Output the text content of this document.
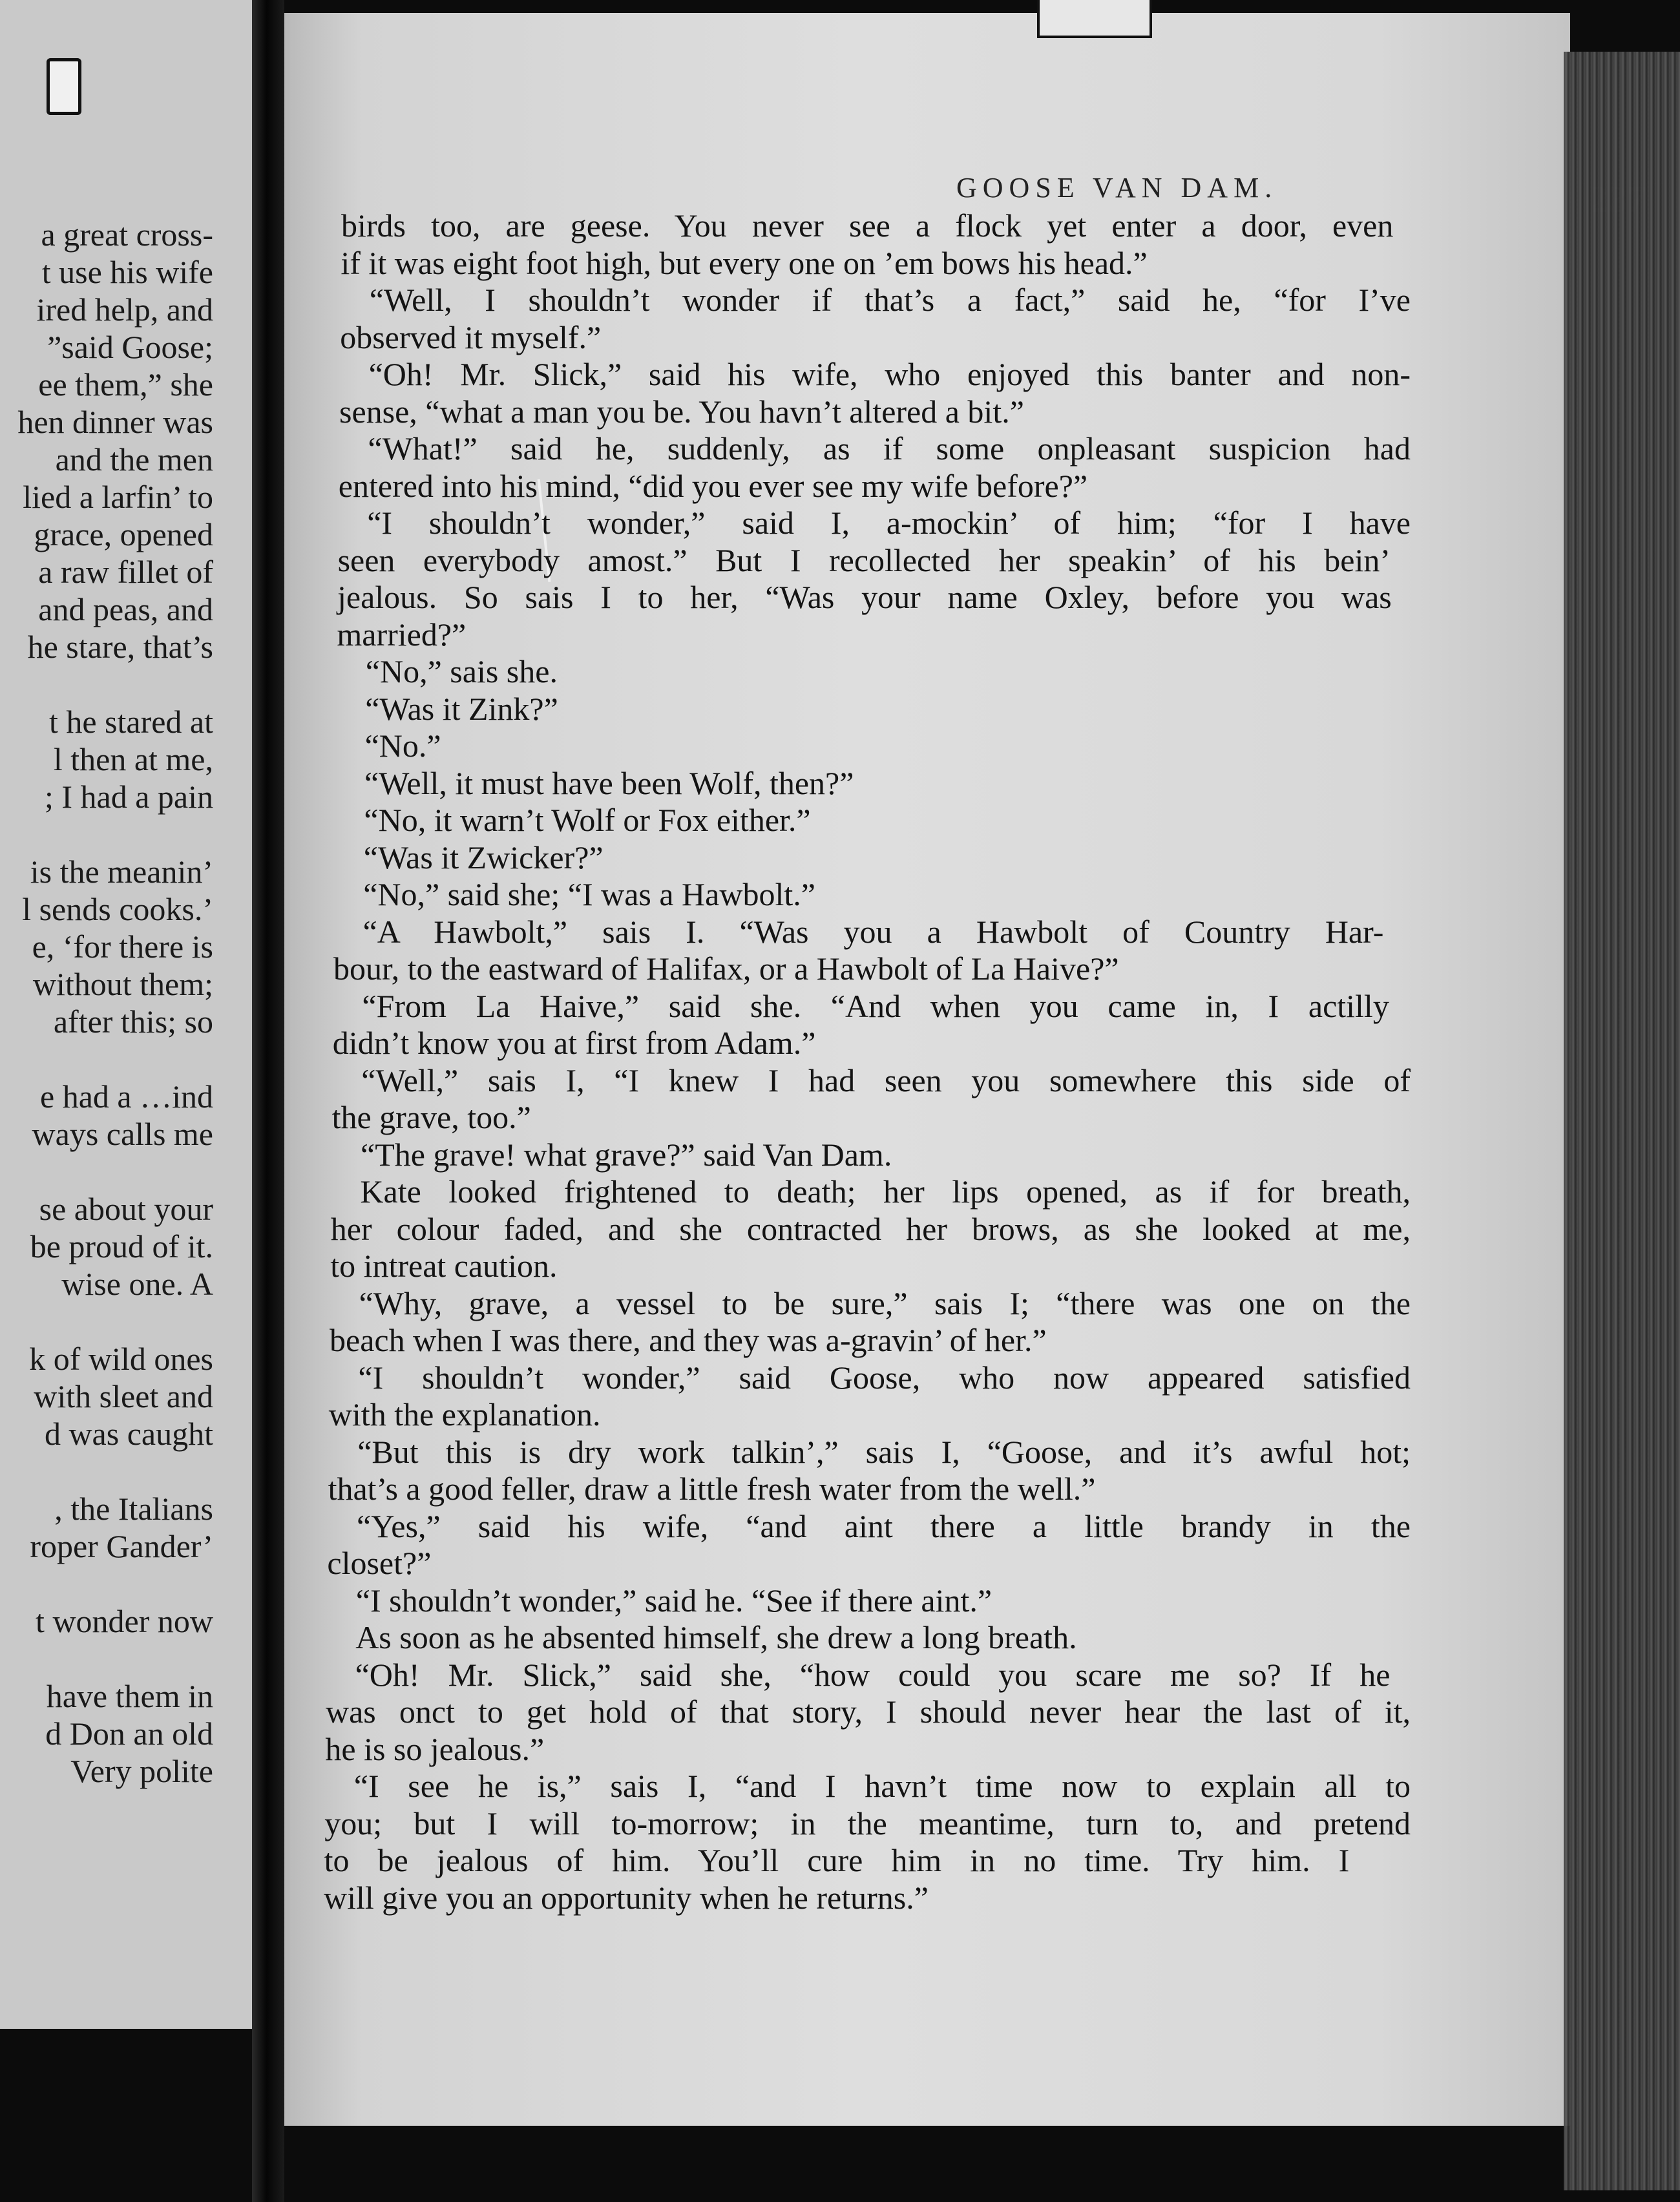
a great cross-
t use his wife
ired help, and
”said Goose;
ee them,” she
hen dinner was
and the men
lied a larfin’ to
grace, opened
a raw fillet of
and peas, and
he stare, that’s
t he stared at
l then at me,
; I had a pain
is the meanin’
l sends cooks.’
e, ‘for there is
without them;
after this; so
e had a …ind
ways calls me
se about your
be proud of it.
wise one. A
k of wild ones
with sleet and
d was caught
, the Italians
roper Gander’
t wonder now
have them in
d Don an old
Very polite
GOOSE VAN DAM.
birds too, are geese. You never see a flock yet enter a door, even
if it was eight foot high, but every one on ’em bows his head.”
“Well, I shouldn’t wonder if that’s a fact,” said he, “for I’ve
observed it myself.”
“Oh! Mr. Slick,” said his wife, who enjoyed this banter and non-
sense, “what a man you be. You havn’t altered a bit.”
“What!” said he, suddenly, as if some onpleasant suspicion had
entered into his mind, “did you ever see my wife before?”
“I shouldn’t wonder,” said I, a-mockin’ of him; “for I have
seen everybody amost.” But I recollected her speakin’ of his bein’
jealous. So sais I to her, “Was your name Oxley, before you was
married?”
“No,” sais she.
“Was it Zink?”
“No.”
“Well, it must have been Wolf, then?”
“No, it warn’t Wolf or Fox either.”
“Was it Zwicker?”
“No,” said she; “I was a Hawbolt.”
“A Hawbolt,” sais I. “Was you a Hawbolt of Country Har-
bour, to the eastward of Halifax, or a Hawbolt of La Haive?”
“From La Haive,” said she. “And when you came in, I actilly
didn’t know you at first from Adam.”
“Well,” sais I, “I knew I had seen you somewhere this side of
the grave, too.”
“The grave! what grave?” said Van Dam.
Kate looked frightened to death; her lips opened, as if for breath,
her colour faded, and she contracted her brows, as she looked at me,
to intreat caution.
“Why, grave, a vessel to be sure,” sais I; “there was one on the
beach when I was there, and they was a-gravin’ of her.”
“I shouldn’t wonder,” said Goose, who now appeared satisfied
with the explanation.
“But this is dry work talkin’,” sais I, “Goose, and it’s awful hot;
that’s a good feller, draw a little fresh water from the well.”
“Yes,” said his wife, “and aint there a little brandy in the
closet?”
“I shouldn’t wonder,” said he. “See if there aint.”
As soon as he absented himself, she drew a long breath.
“Oh! Mr. Slick,” said she, “how could you scare me so? If he
was onct to get hold of that story, I should never hear the last of it,
he is so jealous.”
“I see he is,” sais I, “and I havn’t time now to explain all to
you; but I will to-morrow; in the meantime, turn to, and pretend
to be jealous of him. You’ll cure him in no time. Try him. I
will give you an opportunity when he returns.”
